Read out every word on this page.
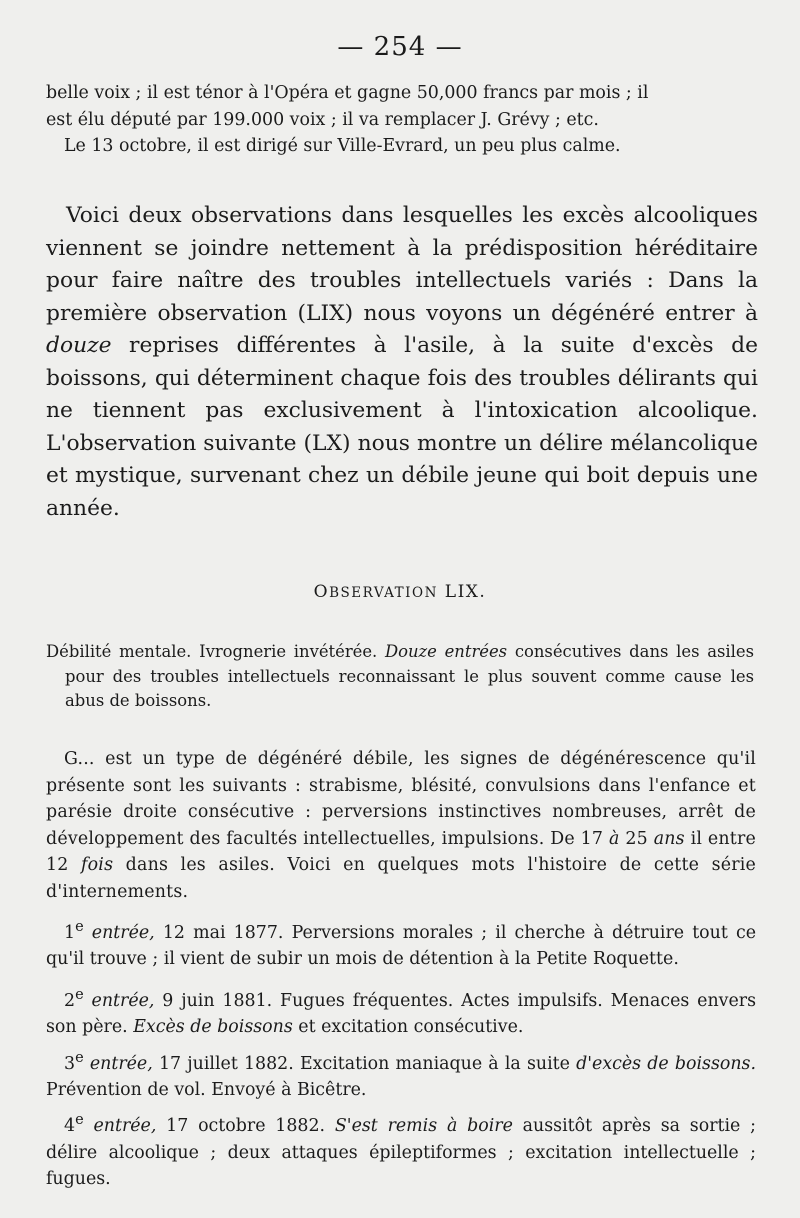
— 254 —

belle voix ; il est ténor à l'Opéra et gagne 50,000 francs par mois ; il

est élu député par 199.000 voix ; il va remplacer J. Grévy ; etc.

Le 13 octobre, il est dirigé sur Ville-Evrard, un peu plus calme.

Voici deux observations dans lesquelles les excès alcooliques viennent se joindre nettement à la prédisposition héréditaire pour faire naître des troubles intellectuels variés : Dans la première observation (LIX) nous voyons un dégénéré entrer à douze reprises différentes à l'asile, à la suite d'excès de boissons, qui déterminent chaque fois des troubles délirants qui ne tiennent pas exclusivement à l'intoxication alcoolique. L'observation suivante (LX) nous montre un délire mélancolique et mystique, survenant chez un débile jeune qui boit depuis une année.

OBSERVATION LIX.

Débilité mentale. Ivrognerie invétérée. Douze entrées consécutives dans les asiles pour des troubles intellectuels reconnaissant le plus souvent comme cause les abus de boissons.

G... est un type de dégénéré débile, les signes de dégénérescence qu'il présente sont les suivants : strabisme, blésité, convulsions dans l'enfance et parésie droite consécutive : perversions instinctives nombreuses, arrêt de développement des facultés intellectuelles, impulsions. De 17 à 25 ans il entre 12 fois dans les asiles. Voici en quelques mots l'histoire de cette série d'internements.

1e entrée, 12 mai 1877. Perversions morales ; il cherche à détruire tout ce qu'il trouve ; il vient de subir un mois de détention à la Petite Roquette.

2e entrée, 9 juin 1881. Fugues fréquentes. Actes impulsifs. Menaces envers son père. Excès de boissons et excitation consécutive.

3e entrée, 17 juillet 1882. Excitation maniaque à la suite d'excès de boissons. Prévention de vol. Envoyé à Bicêtre.

4e entrée, 17 octobre 1882. S'est remis à boire aussitôt après sa sortie ; délire alcoolique ; deux attaques épileptiformes ; excitation intellectuelle ; fugues.
